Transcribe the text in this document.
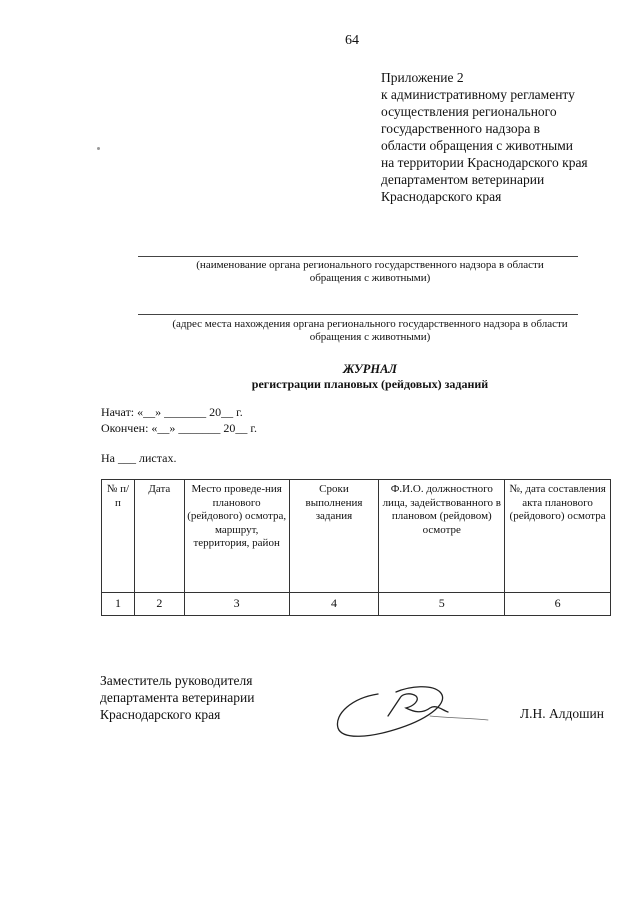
64
Приложение 2
к административному регламенту
осуществления регионального
государственного надзора в
области обращения с животными
на территории Краснодарского края
департаментом ветеринарии
Краснодарского края
(наименование органа регионального государственного надзора в области
обращения с животными)
(адрес места нахождения органа регионального государственного надзора в области
обращения с животными)
ЖУРНАЛ
регистрации плановых (рейдовых) заданий
Начат: «__» _______ 20__ г.
Окончен: «__» _______ 20__ г.
На ___ листах.
№ п/п	Дата	Место проведе-ния планового (рейдового) осмотра, маршрут, территория, район	Сроки выполнения задания	Ф.И.О. должностного лица, задействованного в плановом (рейдовом) осмотре	№, дата составления акта планового (рейдового) осмотра
1	2	3	4	5	6
Заместитель руководителя
департамента ветеринарии
Краснодарского края	Л.Н. Алдошин
